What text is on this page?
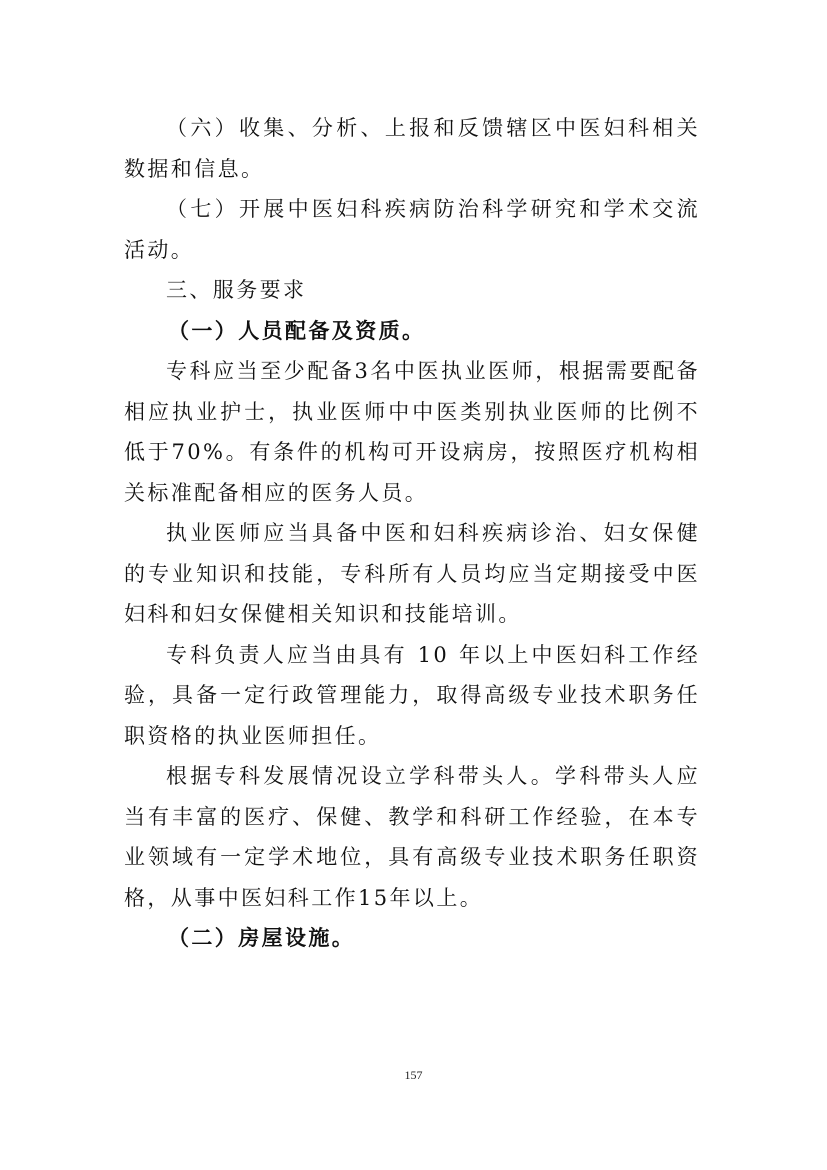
（六）收集、分析、上报和反馈辖区中医妇科相关数据和信息。

（七）开展中医妇科疾病防治科学研究和学术交流活动。

三、服务要求

（一）人员配备及资质。

专科应当至少配备3名中医执业医师，根据需要配备相应执业护士，执业医师中中医类别执业医师的比例不低于70%。有条件的机构可开设病房，按照医疗机构相关标准配备相应的医务人员。

执业医师应当具备中医和妇科疾病诊治、妇女保健的专业知识和技能，专科所有人员均应当定期接受中医妇科和妇女保健相关知识和技能培训。

专科负责人应当由具有 10 年以上中医妇科工作经验，具备一定行政管理能力，取得高级专业技术职务任职资格的执业医师担任。

根据专科发展情况设立学科带头人。学科带头人应当有丰富的医疗、保健、教学和科研工作经验，在本专业领域有一定学术地位，具有高级专业技术职务任职资格，从事中医妇科工作15年以上。

（二）房屋设施。

157
